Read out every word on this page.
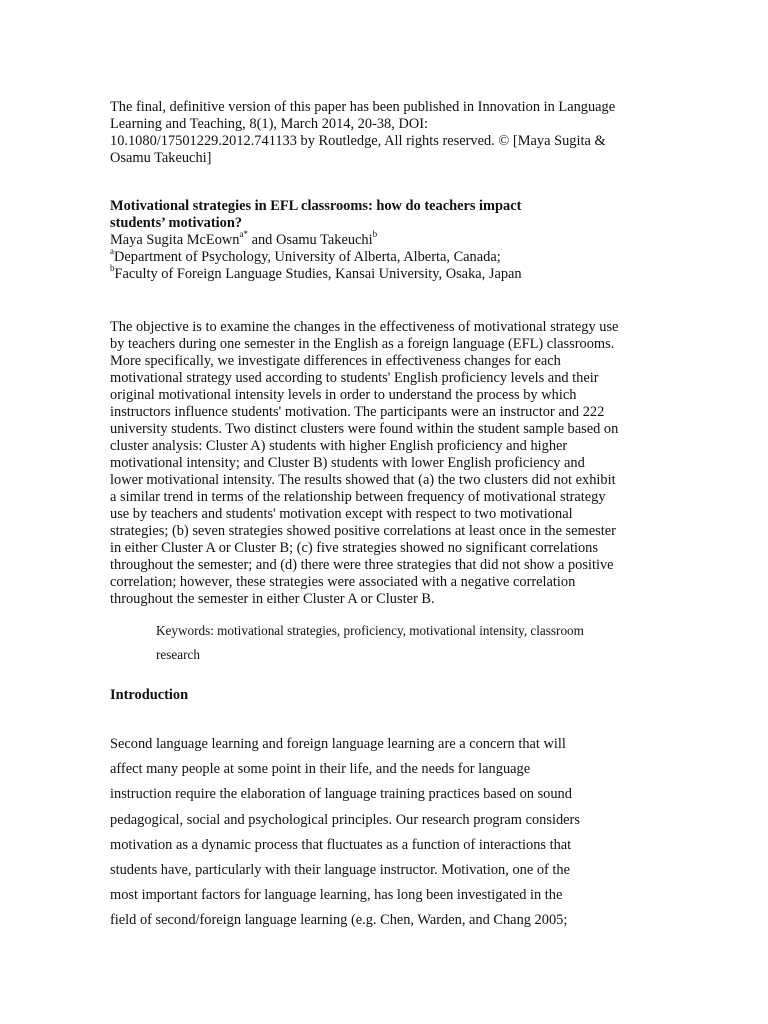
The final, definitive version of this paper has been published in Innovation in Language
Learning and Teaching, 8(1), March 2014, 20-38, DOI:
10.1080/17501229.2012.741133 by Routledge, All rights reserved. © [Maya Sugita &
Osamu Takeuchi]
Motivational strategies in EFL classrooms: how do teachers impact
students’ motivation?
Maya Sugita McEown$^{a*}$ and Osamu Takeuchi$^b$
$^a$Department of Psychology, University of Alberta, Alberta, Canada;
$^b$Faculty of Foreign Language Studies, Kansai University, Osaka, Japan
The objective is to examine the changes in the effectiveness of motivational strategy use
by teachers during one semester in the English as a foreign language (EFL) classrooms.
More specifically, we investigate differences in effectiveness changes for each
motivational strategy used according to students' English proficiency levels and their
original motivational intensity levels in order to understand the process by which
instructors influence students' motivation. The participants were an instructor and 222
university students. Two distinct clusters were found within the student sample based on
cluster analysis: Cluster A) students with higher English proficiency and higher
motivational intensity; and Cluster B) students with lower English proficiency and
lower motivational intensity. The results showed that (a) the two clusters did not exhibit
a similar trend in terms of the relationship between frequency of motivational strategy
use by teachers and students' motivation except with respect to two motivational
strategies; (b) seven strategies showed positive correlations at least once in the semester
in either Cluster A or Cluster B; (c) five strategies showed no significant correlations
throughout the semester; and (d) there were three strategies that did not show a positive
correlation; however, these strategies were associated with a negative correlation
throughout the semester in either Cluster A or Cluster B.
Keywords: motivational strategies, proficiency, motivational intensity, classroom
research
Introduction
Second language learning and foreign language learning are a concern that will
affect many people at some point in their life, and the needs for language
instruction require the elaboration of language training practices based on sound
pedagogical, social and psychological principles. Our research program considers
motivation as a dynamic process that fluctuates as a function of interactions that
students have, particularly with their language instructor. Motivation, one of the
most important factors for language learning, has long been investigated in the
field of second/foreign language learning (e.g. Chen, Warden, and Chang 2005;
